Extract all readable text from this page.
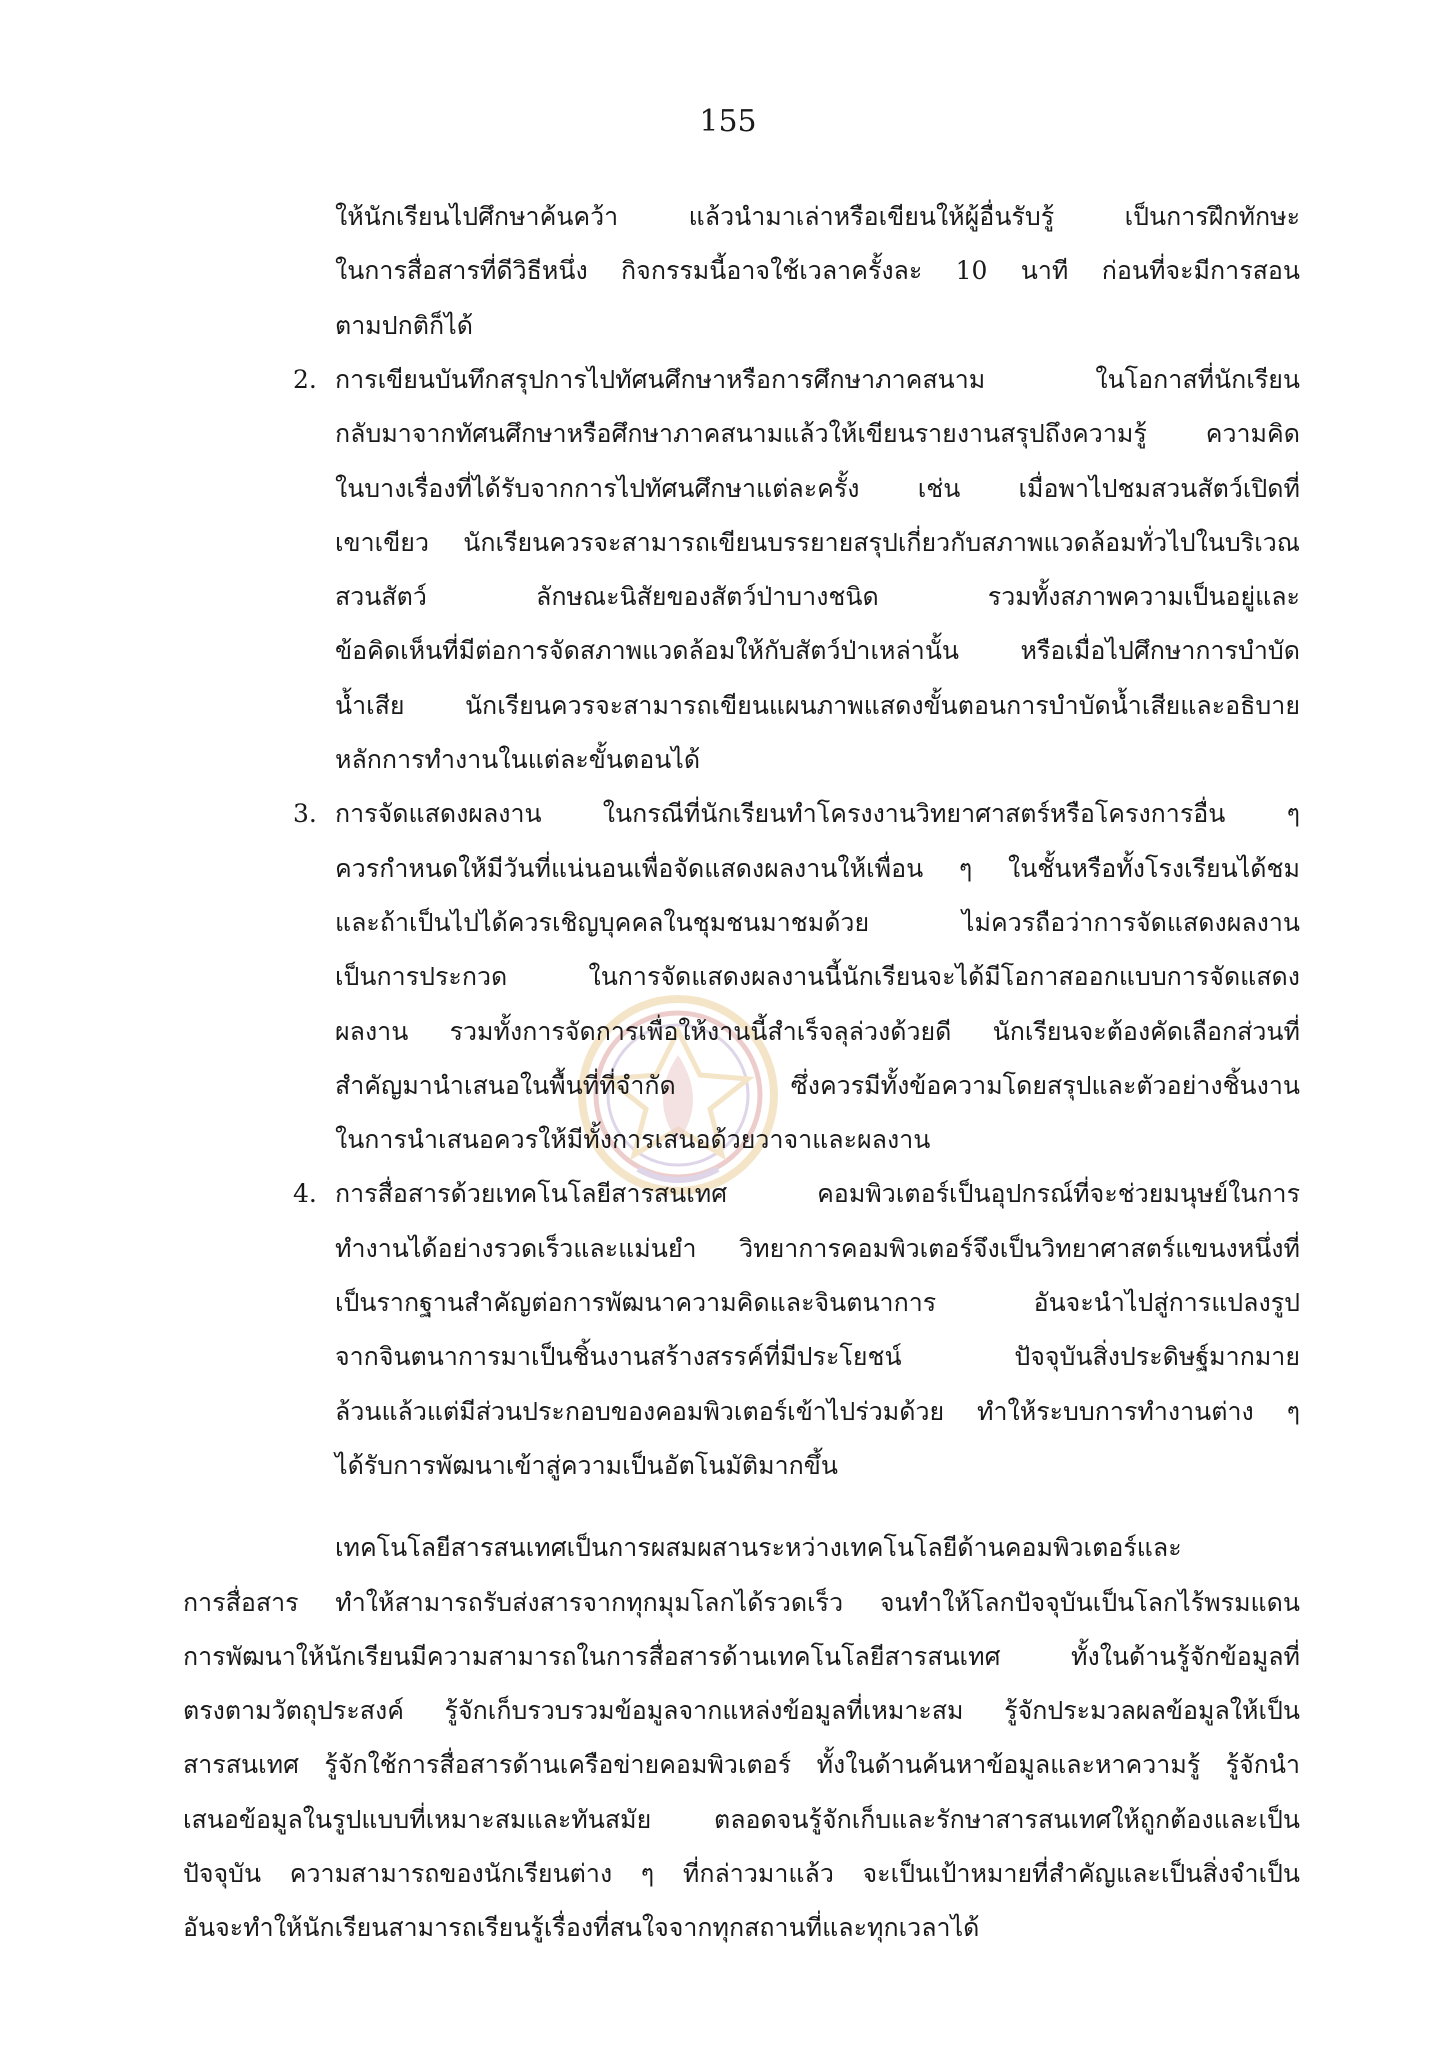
155
ให้นักเรียนไปศึกษาค้นคว้า แล้วนำมาเล่าหรือเขียนให้ผู้อื่นรับรู้ เป็นการฝึกทักษะ
ในการสื่อสารที่ดีวิธีหนึ่ง กิจกรรมนี้อาจใช้เวลาครั้งละ 10 นาที ก่อนที่จะมีการสอน
ตามปกติก็ได้
การเขียนบันทึกสรุปการไปทัศนศึกษาหรือการศึกษาภาคสนาม ในโอกาสที่นักเรียน
2.
กลับมาจากทัศนศึกษาหรือศึกษาภาคสนามแล้วให้เขียนรายงานสรุปถึงความรู้ ความคิด
ในบางเรื่องที่ได้รับจากการไปทัศนศึกษาแต่ละครั้ง เช่น เมื่อพาไปชมสวนสัตว์เปิดที่
เขาเขียว นักเรียนควรจะสามารถเขียนบรรยายสรุปเกี่ยวกับสภาพแวดล้อมทั่วไปในบริเวณ
สวนสัตว์ ลักษณะนิสัยของสัตว์ป่าบางชนิด รวมทั้งสภาพความเป็นอยู่และ
ข้อคิดเห็นที่มีต่อการจัดสภาพแวดล้อมให้กับสัตว์ป่าเหล่านั้น หรือเมื่อไปศึกษาการบำบัด
น้ำเสีย นักเรียนควรจะสามารถเขียนแผนภาพแสดงขั้นตอนการบำบัดน้ำเสียและอธิบาย
หลักการทำงานในแต่ละขั้นตอนได้
การจัดแสดงผลงาน ในกรณีที่นักเรียนทำโครงงานวิทยาศาสตร์หรือโครงการอื่น ๆ
3.
ควรกำหนดให้มีวันที่แน่นอนเพื่อจัดแสดงผลงานให้เพื่อน ๆ ในชั้นหรือทั้งโรงเรียนได้ชม
และถ้าเป็นไปได้ควรเชิญบุคคลในชุมชนมาชมด้วย ไม่ควรถือว่าการจัดแสดงผลงาน
เป็นการประกวด ในการจัดแสดงผลงานนี้นักเรียนจะได้มีโอกาสออกแบบการจัดแสดง
ผลงาน รวมทั้งการจัดการเพื่อให้งานนี้สำเร็จลุล่วงด้วยดี นักเรียนจะต้องคัดเลือกส่วนที่
สำคัญมานำเสนอในพื้นที่ที่จำกัด ซึ่งควรมีทั้งข้อความโดยสรุปและตัวอย่างชิ้นงาน
ในการนำเสนอควรให้มีทั้งการเสนอด้วยวาจาและผลงาน
การสื่อสารด้วยเทคโนโลยีสารสนเทศ คอมพิวเตอร์เป็นอุปกรณ์ที่จะช่วยมนุษย์ในการ
4.
ทำงานได้อย่างรวดเร็วและแม่นยำ วิทยาการคอมพิวเตอร์จึงเป็นวิทยาศาสตร์แขนงหนึ่งที่
เป็นรากฐานสำคัญต่อการพัฒนาความคิดและจินตนาการ อันจะนำไปสู่การแปลงรูป
จากจินตนาการมาเป็นชิ้นงานสร้างสรรค์ที่มีประโยชน์ ปัจจุบันสิ่งประดิษฐ์มากมาย
ล้วนแล้วแต่มีส่วนประกอบของคอมพิวเตอร์เข้าไปร่วมด้วย ทำให้ระบบการทำงานต่าง ๆ
ได้รับการพัฒนาเข้าสู่ความเป็นอัตโนมัติมากขึ้น
เทคโนโลยีสารสนเทศเป็นการผสมผสานระหว่างเทคโนโลยีด้านคอมพิวเตอร์และ
การสื่อสาร ทำให้สามารถรับส่งสารจากทุกมุมโลกได้รวดเร็ว จนทำให้โลกปัจจุบันเป็นโลกไร้พรมแดน
การพัฒนาให้นักเรียนมีความสามารถในการสื่อสารด้านเทคโนโลยีสารสนเทศ ทั้งในด้านรู้จักข้อมูลที่
ตรงตามวัตถุประสงค์ รู้จักเก็บรวบรวมข้อมูลจากแหล่งข้อมูลที่เหมาะสม รู้จักประมวลผลข้อมูลให้เป็น
สารสนเทศ รู้จักใช้การสื่อสารด้านเครือข่ายคอมพิวเตอร์ ทั้งในด้านค้นหาข้อมูลและหาความรู้ รู้จักนำ
เสนอข้อมูลในรูปแบบที่เหมาะสมและทันสมัย ตลอดจนรู้จักเก็บและรักษาสารสนเทศให้ถูกต้องและเป็น
ปัจจุบัน ความสามารถของนักเรียนต่าง ๆ ที่กล่าวมาแล้ว จะเป็นเป้าหมายที่สำคัญและเป็นสิ่งจำเป็น
อันจะทำให้นักเรียนสามารถเรียนรู้เรื่องที่สนใจจากทุกสถานที่และทุกเวลาได้
